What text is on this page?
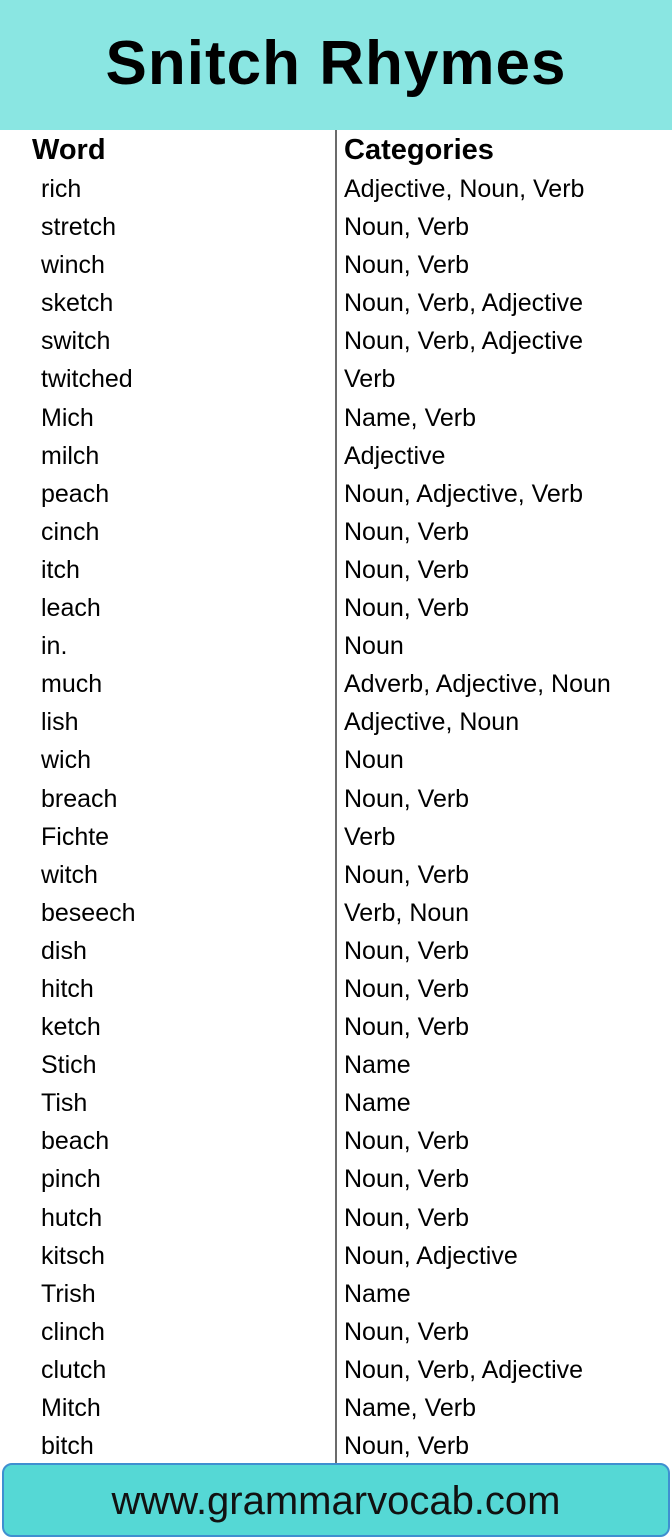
Snitch Rhymes
Word	Categories
rich	Adjective, Noun, Verb
stretch	Noun, Verb
winch	Noun, Verb
sketch	Noun, Verb, Adjective
switch	Noun, Verb, Adjective
twitched	Verb
Mich	Name, Verb
milch	Adjective
peach	Noun, Adjective, Verb
cinch	Noun, Verb
itch	Noun, Verb
leach	Noun, Verb
in.	Noun
much	Adverb, Adjective, Noun
lish	Adjective, Noun
wich	Noun
breach	Noun, Verb
Fichte	Verb
witch	Noun, Verb
beseech	Verb, Noun
dish	Noun, Verb
hitch	Noun, Verb
ketch	Noun, Verb
Stich	Name
Tish	Name
beach	Noun, Verb
pinch	Noun, Verb
hutch	Noun, Verb
kitsch	Noun, Adjective
Trish	Name
clinch	Noun, Verb
clutch	Noun, Verb, Adjective
Mitch	Name, Verb
bitch	Noun, Verb
www.grammarvocab.com
